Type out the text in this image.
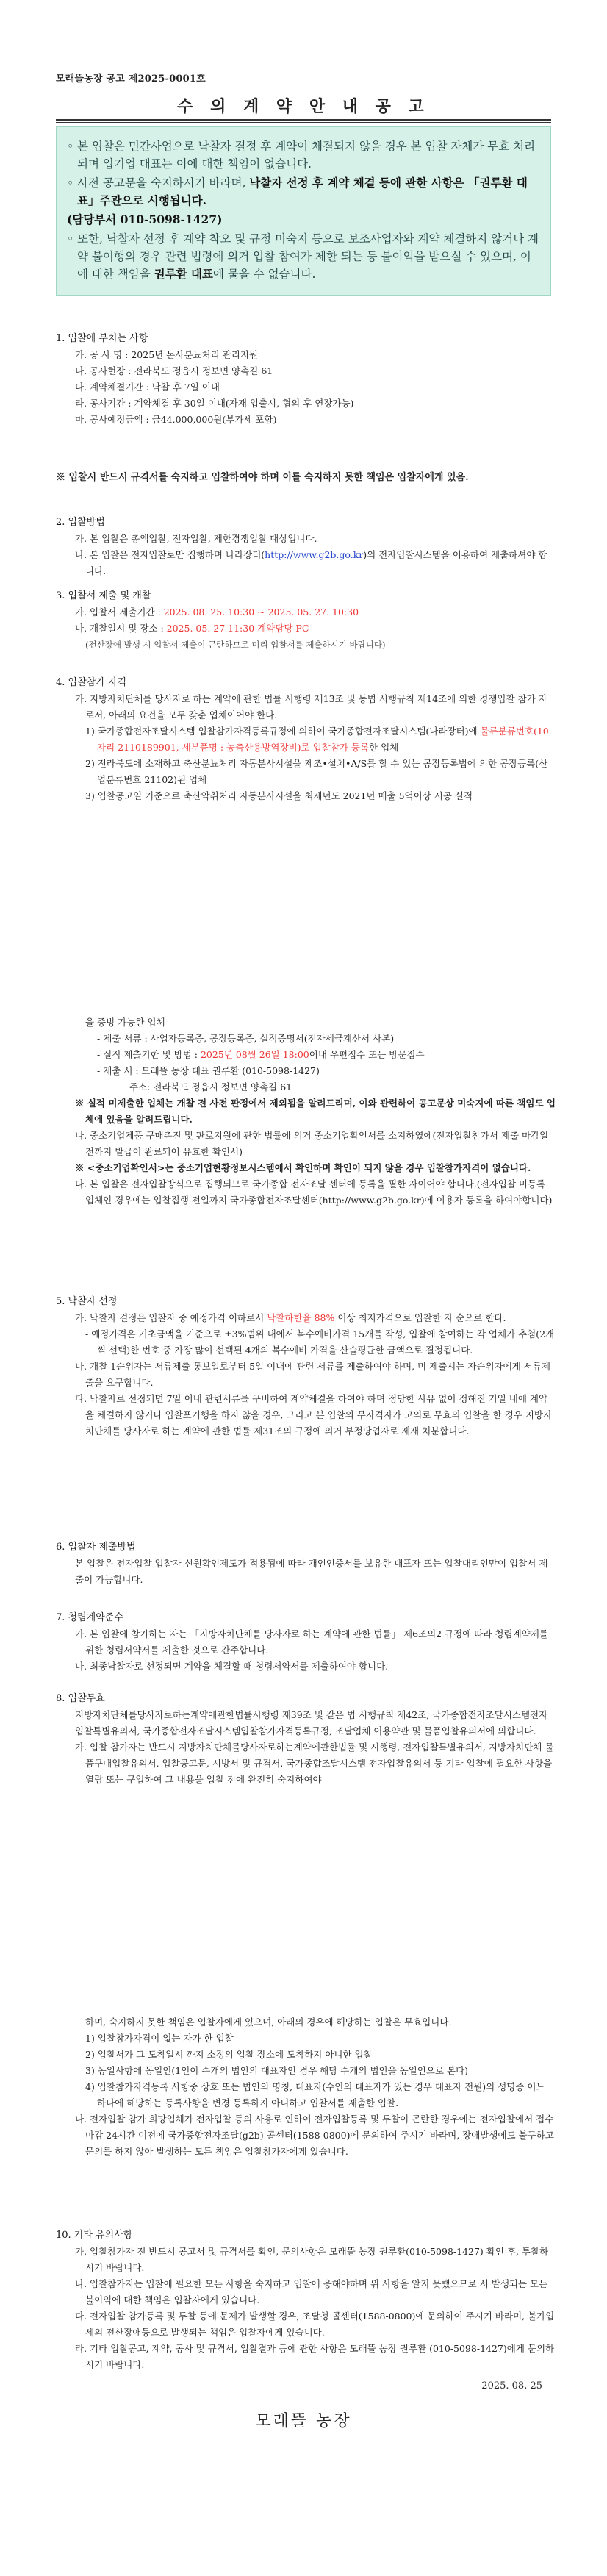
모래뜰농장 공고 제2025-0001호
수 의 계 약 안 내 공 고

◦ 본 입찰은 민간사업으로 낙찰자 결정 후 계약이 체결되지 않을 경우 본 입찰 자체가 무효 처리되며 입기업 대표는 이에 대한 책임이 없습니다.

◦ 사전 공고문을 숙지하시기 바라며, 낙찰자 선정 후 계약 체결 등에 관한 사항은 「권루환 대표」주관으로 시행됩니다.

(담당부서 010-5098-1427)

◦ 또한, 낙찰자 선정 후 계약 착오 및 규정 미숙지 등으로 보조사업자와 계약 체결하지 않거나 계약 불이행의 경우 관련 법령에 의거 입찰 참여가 제한 되는 등 불이익을 받으실 수 있으며, 이에 대한 책임을 권루환 대표에 물을 수 없습니다.

1. 입찰에 부치는 사항

가. 공 사 명 : 2025년 돈사분뇨처리 관리지원

나. 공사현장 : 전라북도 정읍시 정보면 양촉길 61

다. 계약체결기간 : 낙찰 후 7일 이내

라. 공사기간 : 계약체결 후 30일 이내(자재 입출시, 협의 후 연장가능)

마. 공사예정금액 : 금44,000,000원(부가세 포함)

※ 입찰시 반드시 규격서를 숙지하고 입찰하여야 하며 이를 숙지하지 못한 책임은 입찰자에게 있음.

2. 입찰방법

가. 본 입찰은 총액입찰, 전자입찰, 제한경쟁입찰 대상입니다.

나. 본 입찰은 전자입찰로만 집행하며 나라장터(http://www.g2b.go.kr)의 전자입찰시스템을 이용하여 제출하셔야 합니다.

3. 입찰서 제출 및 개찰

가. 입찰서 제출기간 : 2025. 08. 25. 10:30 ~ 2025. 05. 27. 10:30

나. 개찰일시 및 장소 : 2025. 05. 27 11:30 계약담당 PC

(전산장애 발생 시 입찰서 제출이 곤란하므로 미리 입찰서를 제출하시기 바랍니다)

4. 입찰참가 자격

가. 지방자치단체를 당사자로 하는 계약에 관한 법률 시행령 제13조 및 동법 시행규칙 제14조에 의한 경쟁입찰 참가 자로서, 아래의 요건을 모두 갖춘 업체이어야 한다.

1) 국가종합전자조달시스템 입찰참가자격등록규정에 의하여 국가종합전자조달시스템(나라장터)에 물류분류번호(10자리 2110189901, 세부품명 : 농축산용방역장비)로 입찰참가 등록한 업체

2) 전라북도에 소재하고 축산분뇨처리 자동분사시설을 제조•설치•A/S를 할 수 있는 공장등록법에 의한 공장등록(산업분류번호 21102)된 업체

3) 입찰공고일 기준으로 축산악취처리 자동분사시설을 최제년도 2021년 매출 5억이상 시공 실적

을 증빙 가능한 업체

- 제출 서류 : 사업자등록증, 공장등록증, 실적증명서(전자세금계산서 사본)

- 실적 제출기한 및 방법 : 2025년 08월 26일 18:00이내 우편접수 또는 방문접수

- 제출 서 : 모래뜰 농장 대표 권루환 (010-5098-1427)

주소: 전라북도 정읍시 정보면 양촉길 61

※ 실적 미제출한 업체는 개찰 전 사전 판정에서 제외됨을 알려드리며, 이와 관련하여 공고문상 미숙지에 따른 책임도 업체에 있음을 알려드립니다.

나. 중소기업제품 구매촉진 및 판로지원에 관한 법률에 의거 중소기업확인서를 소지하였에(전자입찰참가서 제출 마감일 전까지 발급이 완료되어 유효한 확인서)

※ <중소기업확인서>는 중소기업현황정보시스템에서 확인하며 확인이 되지 않을 경우 입찰참가자격이 없습니다.

다. 본 입찰은 전자입찰방식으로 집행되므로 국가종합 전자조달 센터에 등록을 필한 자이어야 합니다.(전자입찰 미등록 업체인 경우에는 입찰집행 전일까지 국가종합전자조달센터(http://www.g2b.go.kr)에 이용자 등록을 하여야합니다)

5. 낙찰자 선정

가. 낙찰자 결정은 입찰자 중 예정가격 이하로서 낙찰하한율 88% 이상 최저가격으로 입찰한 자 순으로 한다.

- 예정가격은 기초금액을 기준으로 ±3%범위 내에서 복수예비가격 15개를 작성, 입찰에 참여하는 각 업체가 추첨(2개씩 선택)한 번호 중 가장 많이 선택된 4개의 복수예비 가격을 산술평균한 금액으로 결정됩니다.

나. 개찰 1순위자는 서류제출 통보일로부터 5일 이내에 관련 서류를 제출하여야 하며, 미 제출시는 자순위자에게 서류제출을 요구합니다.

다. 낙찰자로 선정되면 7일 이내 관련서류를 구비하여 계약체결을 하여야 하며 정당한 사유 없이 정해진 기일 내에 계약을 체결하지 않거나 입찰포기행을 하지 않을 경우, 그리고 본 입찰의 무자격자가 고의로 무효의 입찰을 한 경우 지방자치단체를 당사자로 하는 계약에 관한 법률 제31조의 규정에 의거 부정당업자로 제재 처분합니다.

6. 입찰자 제출방법

본 입찰은 전자입찰 입찰자 신원확인제도가 적용됨에 따라 개인인증서를 보유한 대표자 또는 입찰대리인만이 입찰서 제출이 가능합니다.

7. 청렴계약준수

가. 본 입찰에 참가하는 자는 「지방자치단체를 당사자로 하는 계약에 관한 법률」 제6조의2 규정에 따라 청렴계약제를 위한 청렴서약서를 제출한 것으로 간주합니다.

나. 최종낙찰자로 선정되면 계약을 체결할 때 청렴서약서를 제출하여야 합니다.

8. 입찰무효

지방자치단체를당사자로하는계약에관한법률시행령 제39조 및 같은 법 시행규칙 제42조, 국가종합전자조달시스템전자입찰특별유의서, 국가종합전자조달시스템입찰참가자격등록규정, 조달업체 이용약관 및 물품입찰유의서에 의합니다.

가. 입찰 참가자는 반드시 지방자치단체를당사자로하는계약에관한법률 및 시행령, 전자입찰특별유의서, 지방자치단체 물품구매입찰유의서, 입찰공고문, 시방서 및 규격서, 국가종합조달시스템 전자입찰유의서 등 기타 입찰에 필요한 사항을 열람 또는 구입하여 그 내용을 입찰 전에 완전히 숙지하여야

하며, 숙지하지 못한 책임은 입찰자에게 있으며, 아래의 경우에 해당하는 입찰은 무효입니다.

1) 입찰참가자격이 없는 자가 한 입찰

2) 입찰서가 그 도착일시 까지 소정의 입찰 장소에 도착하지 아니한 입찰

3) 동일사항에 동일인(1인이 수개의 법인의 대표자인 경우 해당 수개의 법인을 동일인으로 본다)

4) 입찰참가자격등록 사항중 상호 또는 법인의 명칭, 대표자(수인의 대표자가 있는 경우 대표자 전원)의 성명중 어느 하나에 해당하는 등록사항을 변경 등록하지 아니하고 입찰서를 제출한 입찰.

나. 전자입찰 참가 희망업체가 전자입찰 등의 사용로 인하여 전자입찰등록 및 투찰이 곤란한 경우에는 전자입찰에서 접수마감 24시간 이전에 국가종합전자조달(g2b) 콜센터(1588-0800)에 문의하여 주시기 바라며, 장애발생에도 불구하고 문의를 하지 않아 발생하는 모든 책임은 입찰참가자에게 있습니다.

10. 기타 유의사항

가. 입찰참가자 전 반드시 공고서 및 규격서를 확인, 문의사항은 모래뜰 농장 권루환(010-5098-1427) 확인 후, 투찰하시기 바랍니다.

나. 입찰참가자는 입찰에 필요한 모든 사항을 숙지하고 입찰에 응해야하며 위 사항을 알지 못했으므로 서 발생되는 모든 불이익에 대한 책임은 입찰자에게 있습니다.

다. 전자입찰 참가등록 및 투찰 등에 문제가 발생할 경우, 조달청 콜센터(1588-0800)에 문의하여 주시기 바라며, 불가입세의 전산장애등으로 발생되는 책임은 입찰자에게 있습니다.

라. 기타 입찰공고, 계약, 공사 및 규격서, 입찰결과 등에 관한 사항은 모래뜰 농장 권루환 (010-5098-1427)에게 문의하시기 바랍니다.

2025. 08. 25
모래뜰 농장
